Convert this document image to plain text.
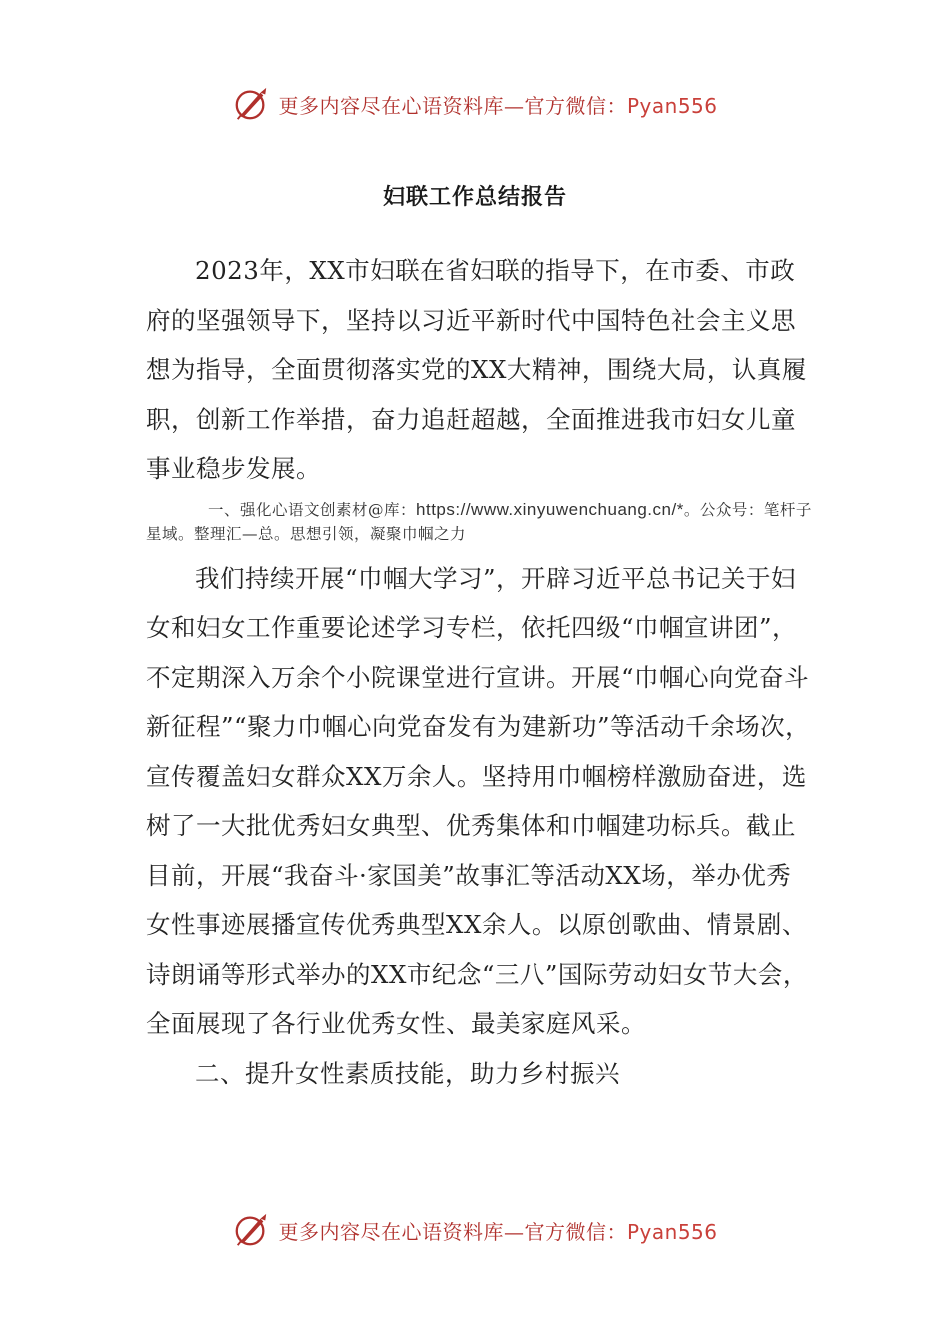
更多内容尽在心语资料库—官方微信：Pyan556
妇联工作总结报告

2023年，XX市妇联在省妇联的指导下，在市委、市政府的坚强领导下，坚持以习近平新时代中国特色社会主义思想为指导，全面贯彻落实党的XX大精神，围绕大局，认真履职，创新工作举措，奋力追赶超越，全面推进我市妇女儿童事业稳步发展。

一、强化心语文创素材@库：https://www.xinyuwenchuang.cn/*。公众号：笔杆子星域。整理汇—总。思想引领，凝聚巾帼之力

我们持续开展“巾帼大学习”，开辟习近平总书记关于妇女和妇女工作重要论述学习专栏，依托四级“巾帼宣讲团”，不定期深入万余个小院课堂进行宣讲。开展“巾帼心向党奋斗新征程”“聚力巾帼心向党奋发有为建新功”等活动千余场次，宣传覆盖妇女群众XX万余人。坚持用巾帼榜样激励奋进，选树了一大批优秀妇女典型、优秀集体和巾帼建功标兵。截止目前，开展“我奋斗·家国美”故事汇等活动XX场，举办优秀女性事迹展播宣传优秀典型XX余人。以原创歌曲、情景剧、诗朗诵等形式举办的XX市纪念“三八”国际劳动妇女节大会，全面展现了各行业优秀女性、最美家庭风采。

二、提升女性素质技能，助力乡村振兴

更多内容尽在心语资料库—官方微信：Pyan556
